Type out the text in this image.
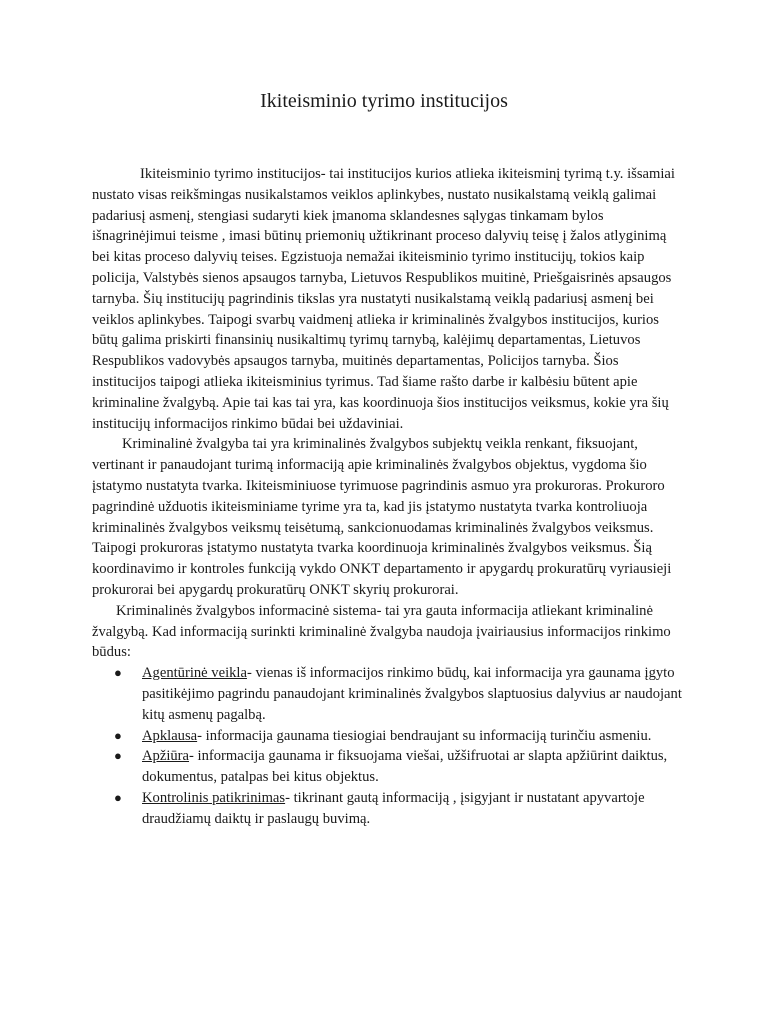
Ikiteisminio tyrimo institucijos

Ikiteisminio tyrimo institucijos- tai institucijos kurios atlieka ikiteisminį tyrimą t.y. išsamiai nustato visas reikšmingas nusikalstamos veiklos aplinkybes, nustato nusikalstamą veiklą galimai padariusį asmenį, stengiasi sudaryti kiek įmanoma sklandesnes sąlygas tinkamam bylos išnagrinėjimui teisme , imasi būtinų priemonių užtikrinant proceso dalyvių teisę į žalos atlyginimą bei kitas proceso dalyvių teises. Egzistuoja nemažai ikiteisminio tyrimo institucijų, tokios kaip policija, Valstybės sienos apsaugos tarnyba, Lietuvos Respublikos muitinė, Priešgaisrinės apsaugos tarnyba. Šių institucijų pagrindinis tikslas yra nustatyti nusikalstamą veiklą padariusį asmenį bei veiklos aplinkybes. Taipogi svarbų vaidmenį atlieka ir kriminalinės žvalgybos institucijos, kurios būtų galima priskirti finansinių nusikaltimų tyrimų tarnybą, kalėjimų departamentas, Lietuvos Respublikos vadovybės apsaugos tarnyba, muitinės departamentas, Policijos tarnyba. Šios institucijos taipogi atlieka ikiteisminius tyrimus. Tad šiame rašto darbe ir kalbėsiu būtent apie kriminaline žvalgybą. Apie tai kas tai yra, kas koordinuoja šios institucijos veiksmus, kokie yra šių institucijų informacijos rinkimo būdai bei uždaviniai.

Kriminalinė žvalgyba tai yra kriminalinės žvalgybos subjektų veikla renkant, fiksuojant, vertinant ir panaudojant turimą informaciją apie kriminalinės žvalgybos objektus, vygdoma šio įstatymo nustatyta tvarka. Ikiteisminiuose tyrimuose pagrindinis asmuo yra prokuroras. Prokuroro pagrindinė užduotis ikiteisminiame tyrime yra ta, kad jis įstatymo nustatyta tvarka kontroliuoja kriminalinės žvalgybos veiksmų teisėtumą, sankcionuodamas kriminalinės žvalgybos veiksmus. Taipogi prokuroras įstatymo nustatyta tvarka koordinuoja kriminalinės žvalgybos veiksmus. Šią koordinavimo ir kontroles funkciją vykdo ONKT departamento ir apygardų prokuratūrų vyriausieji prokurorai bei apygardų prokuratūrų ONKT skyrių prokurorai.

Kriminalinės žvalgybos informacinė sistema- tai yra gauta informacija atliekant kriminalinė žvalgybą. Kad informaciją surinkti kriminalinė žvalgyba naudoja įvairiausius informacijos rinkimo būdus:

● Agentūrinė veikla- vienas iš informacijos rinkimo būdų, kai informacija yra gaunama įgyto pasitikėjimo pagrindu panaudojant kriminalinės žvalgybos slaptuosius dalyvius ar naudojant kitų asmenų pagalbą.
● Apklausa- informacija gaunama tiesiogiai bendraujant su informaciją turinčiu asmeniu.
● Apžiūra- informacija gaunama ir fiksuojama viešai, užšifruotai ar slapta apžiūrint daiktus, dokumentus, patalpas bei kitus objektus.
● Kontrolinis patikrinimas- tikrinant gautą informaciją , įsigyjant ir nustatant apyvartoje draudžiamų daiktų ir paslaugų buvimą.
